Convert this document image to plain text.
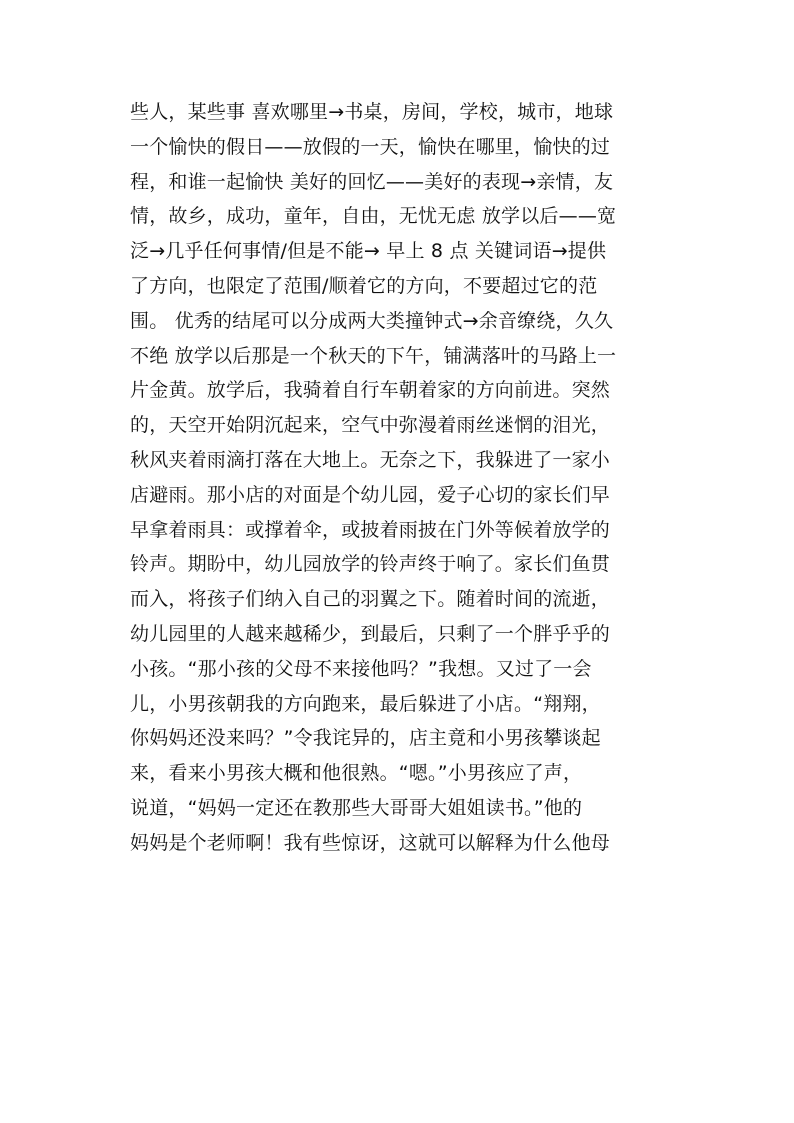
些人，某些事 喜欢哪里→书桌，房间，学校，城市，地球
一个愉快的假日——放假的一天，愉快在哪里，愉快的过
程，和谁一起愉快 美好的回忆——美好的表现→亲情，友
情，故乡，成功，童年，自由，无忧无虑 放学以后——宽
泛→几乎任何事情/但是不能→ 早上 8 点 关键词语→提供
了方向，也限定了范围/顺着它的方向，不要超过它的范
围。 优秀的结尾可以分成两大类撞钟式→余音缭绕，久久
不绝 放学以后那是一个秋天的下午，铺满落叶的马路上一
片金黄。放学后，我骑着自行车朝着家的方向前进。突然
的，天空开始阴沉起来，空气中弥漫着雨丝迷惘的泪光，
秋风夹着雨滴打落在大地上。无奈之下，我躲进了一家小
店避雨。那小店的对面是个幼儿园，爱子心切的家长们早
早拿着雨具：或撑着伞，或披着雨披在门外等候着放学的
铃声。期盼中，幼儿园放学的铃声终于响了。家长们鱼贯
而入，将孩子们纳入自己的羽翼之下。随着时间的流逝，
幼儿园里的人越来越稀少，到最后，只剩了一个胖乎乎的
小孩。“那小孩的父母不来接他吗？”我想。又过了一会
儿，小男孩朝我的方向跑来，最后躲进了小店。“翔翔，
你妈妈还没来吗？”令我诧异的，店主竟和小男孩攀谈起
来，看来小男孩大概和他很熟。“嗯。”小男孩应了声，
说道，“妈妈一定还在教那些大哥哥大姐姐读书。”他的
妈妈是个老师啊！我有些惊讶，这就可以解释为什么他母
